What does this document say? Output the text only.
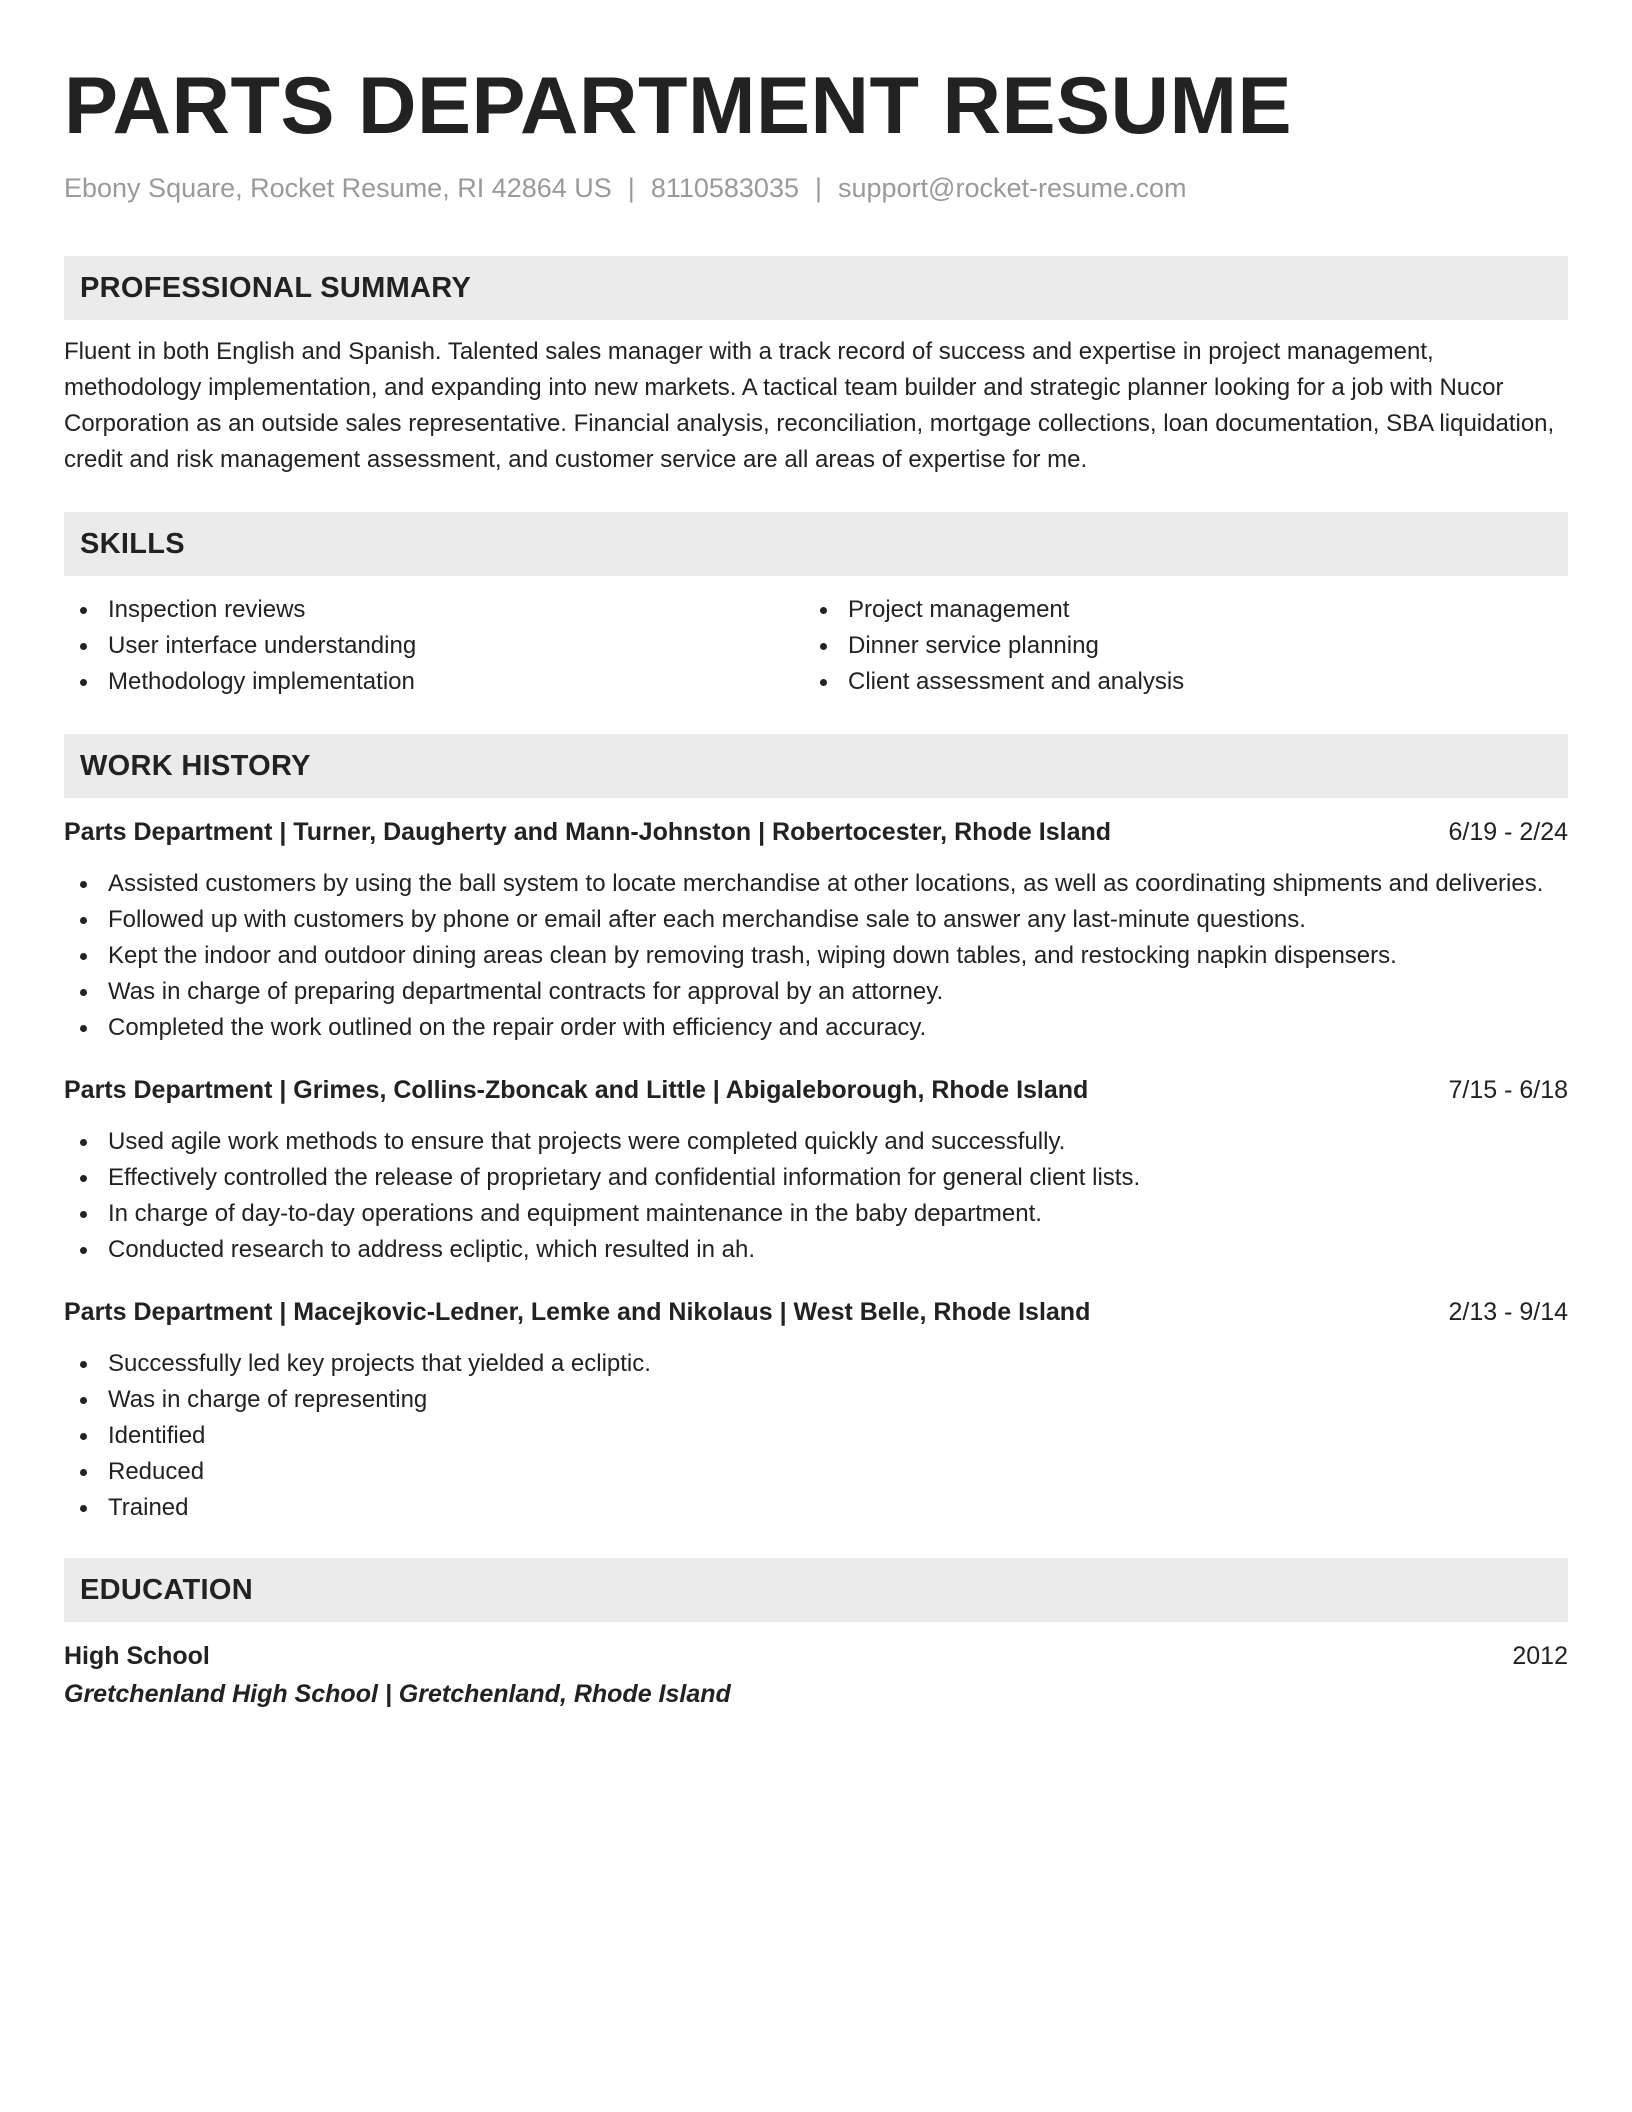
PARTS DEPARTMENT RESUME
Ebony Square, Rocket Resume, RI 42864 US | 8110583035 | support@rocket-resume.com
PROFESSIONAL SUMMARY

Fluent in both English and Spanish. Talented sales manager with a track record of success and expertise in project management, methodology implementation, and expanding into new markets. A tactical team builder and strategic planner looking for a job with Nucor Corporation as an outside sales representative. Financial analysis, reconciliation, mortgage collections, loan documentation, SBA liquidation, credit and risk management assessment, and customer service are all areas of expertise for me.

SKILLS
Inspection reviews
User interface understanding
Methodology implementation
Project management
Dinner service planning
Client assessment and analysis
WORK HISTORY
Parts Department | Turner, Daugherty and Mann-Johnston | Robertocester, Rhode Island	6/19 - 2/24
Assisted customers by using the ball system to locate merchandise at other locations, as well as coordinating shipments and deliveries.
Followed up with customers by phone or email after each merchandise sale to answer any last-minute questions.
Kept the indoor and outdoor dining areas clean by removing trash, wiping down tables, and restocking napkin dispensers.
Was in charge of preparing departmental contracts for approval by an attorney.
Completed the work outlined on the repair order with efficiency and accuracy.
Parts Department | Grimes, Collins-Zboncak and Little | Abigaleborough, Rhode Island	7/15 - 6/18
Used agile work methods to ensure that projects were completed quickly and successfully.
Effectively controlled the release of proprietary and confidential information for general client lists.
In charge of day-to-day operations and equipment maintenance in the baby department.
Conducted research to address ecliptic, which resulted in ah.
Parts Department | Macejkovic-Ledner, Lemke and Nikolaus | West Belle, Rhode Island	2/13 - 9/14
Successfully led key projects that yielded a ecliptic.
Was in charge of representing
Identified
Reduced
Trained
EDUCATION
High School	2012
Gretchenland High School | Gretchenland, Rhode Island
